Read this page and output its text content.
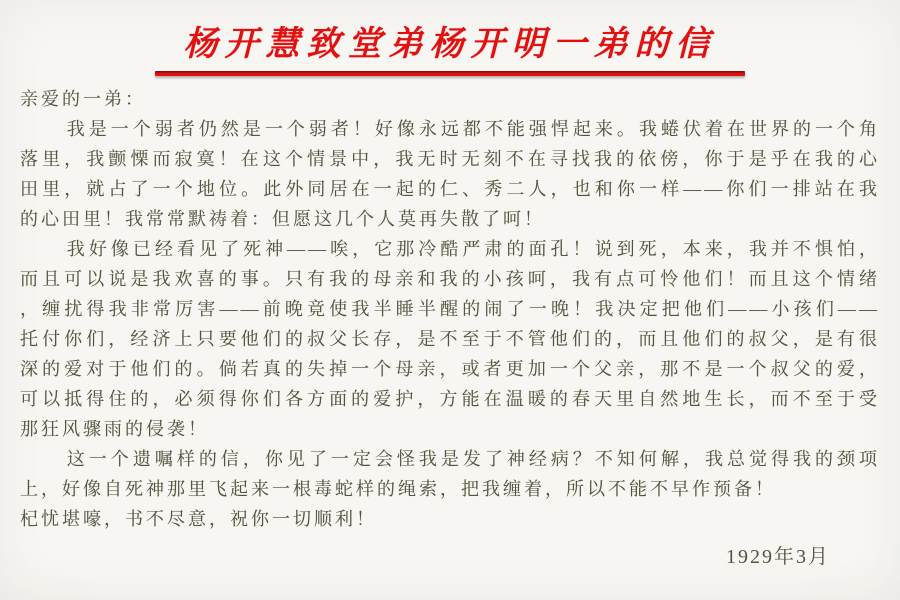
杨开慧致堂弟杨开明一弟的信
亲爱的一弟：
我是一个弱者仍然是一个弱者！好像永远都不能强悍起来。我蜷伏着在世界的一个角
落里，我颤慄而寂寞！在这个情景中，我无时无刻不在寻找我的依傍，你于是乎在我的心
田里，就占了一个地位。此外同居在一起的仁、秀二人，也和你一样——你们一排站在我
的心田里！我常常默祷着：但愿这几个人莫再失散了呵！
我好像已经看见了死神——唉，它那冷酷严肃的面孔！说到死，本来，我并不惧怕，
而且可以说是我欢喜的事。只有我的母亲和我的小孩呵，我有点可怜他们！而且这个情绪
，缠扰得我非常厉害——前晚竟使我半睡半醒的闹了一晚！我决定把他们——小孩们——
托付你们，经济上只要他们的叔父长存，是不至于不管他们的，而且他们的叔父，是有很
深的爱对于他们的。倘若真的失掉一个母亲，或者更加一个父亲，那不是一个叔父的爱，
可以抵得住的，必须得你们各方面的爱护，方能在温暖的春天里自然地生长，而不至于受
那狂风骤雨的侵袭！
这一个遗嘱样的信，你见了一定会怪我是发了神经病？不知何解，我总觉得我的颈项
上，好像自死神那里飞起来一根毒蛇样的绳索，把我缠着，所以不能不早作预备！
杞忧堪嚎，书不尽意，祝你一切顺利！
1929年3月
